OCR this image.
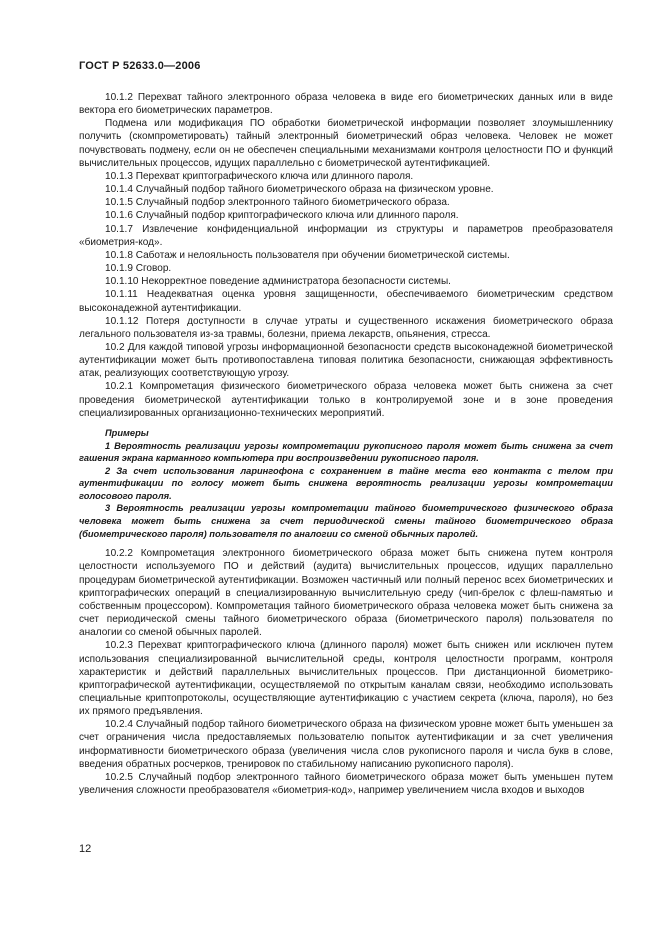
ГОСТ Р 52633.0—2006

10.1.2 Перехват тайного электронного образа человека в виде его биометрических данных или в виде вектора его биометрических параметров.

Подмена или модификация ПО обработки биометрической информации позволяет злоумышленнику получить (скомпрометировать) тайный электронный биометрический образ человека. Человек не может почувствовать подмену, если он не обеспечен специальными механизмами контроля целостности ПО и функций вычислительных процессов, идущих параллельно с биометрической аутентификацией.

10.1.3 Перехват криптографического ключа или длинного пароля.

10.1.4 Случайный подбор тайного биометрического образа на физическом уровне.

10.1.5 Случайный подбор электронного тайного биометрического образа.

10.1.6 Случайный подбор криптографического ключа или длинного пароля.

10.1.7 Извлечение конфиденциальной информации из структуры и параметров преобразователя «биометрия-код».

10.1.8 Саботаж и нелояльность пользователя при обучении биометрической системы.

10.1.9 Сговор.

10.1.10 Некорректное поведение администратора безопасности системы.

10.1.11 Неадекватная оценка уровня защищенности, обеспечиваемого биометрическим средством высоконадежной аутентификации.

10.1.12 Потеря доступности в случае утраты и существенного искажения биометрического образа легального пользователя из-за травмы, болезни, приема лекарств, опьянения, стресса.

10.2 Для каждой типовой угрозы информационной безопасности средств высоконадежной биометрической аутентификации может быть противопоставлена типовая политика безопасности, снижающая эффективность атак, реализующих соответствующую угрозу.

10.2.1 Компрометация физического биометрического образа человека может быть снижена за счет проведения биометрической аутентификации только в контролируемой зоне и в зоне проведения специализированных организационно-технических мероприятий.

Примеры

1 Вероятность реализации угрозы компрометации рукописного пароля может быть снижена за счет гашения экрана карманного компьютера при воспроизведении рукописного пароля.

2 За счет использования ларингофона с сохранением в тайне места его контакта с телом при аутентификации по голосу может быть снижена вероятность реализации угрозы компрометации голосового пароля.

3 Вероятность реализации угрозы компрометации тайного биометрического физического образа человека может быть снижена за счет периодической смены тайного биометрического образа (биометрического пароля) пользователя по аналогии со сменой обычных паролей.

10.2.2 Компрометация электронного биометрического образа может быть снижена путем контроля целостности используемого ПО и действий (аудита) вычислительных процессов, идущих параллельно процедурам биометрической аутентификации. Возможен частичный или полный перенос всех биометрических и криптографических операций в специализированную вычислительную среду (чип-брелок с флеш-памятью и собственным процессором). Компрометация тайного биометрического образа человека может быть снижена за счет периодической смены тайного биометрического образа (биометрического пароля) пользователя по аналогии со сменой обычных паролей.

10.2.3 Перехват криптографического ключа (длинного пароля) может быть снижен или исключен путем использования специализированной вычислительной среды, контроля целостности программ, контроля характеристик и действий параллельных вычислительных процессов. При дистанционной биометрико-криптографической аутентификации, осуществляемой по открытым каналам связи, необходимо использовать специальные криптопротоколы, осуществляющие аутентификацию с участием секрета (ключа, пароля), но без их прямого предъявления.

10.2.4 Случайный подбор тайного биометрического образа на физическом уровне может быть уменьшен за счет ограничения числа предоставляемых пользователю попыток аутентификации и за счет увеличения информативности биометрического образа (увеличения числа слов рукописного пароля и числа букв в слове, введения обратных росчерков, тренировок по стабильному написанию рукописного пароля).

10.2.5 Случайный подбор электронного тайного биометрического образа может быть уменьшен путем увеличения сложности преобразователя «биометрия-код», например увеличением числа входов и выходов

12
